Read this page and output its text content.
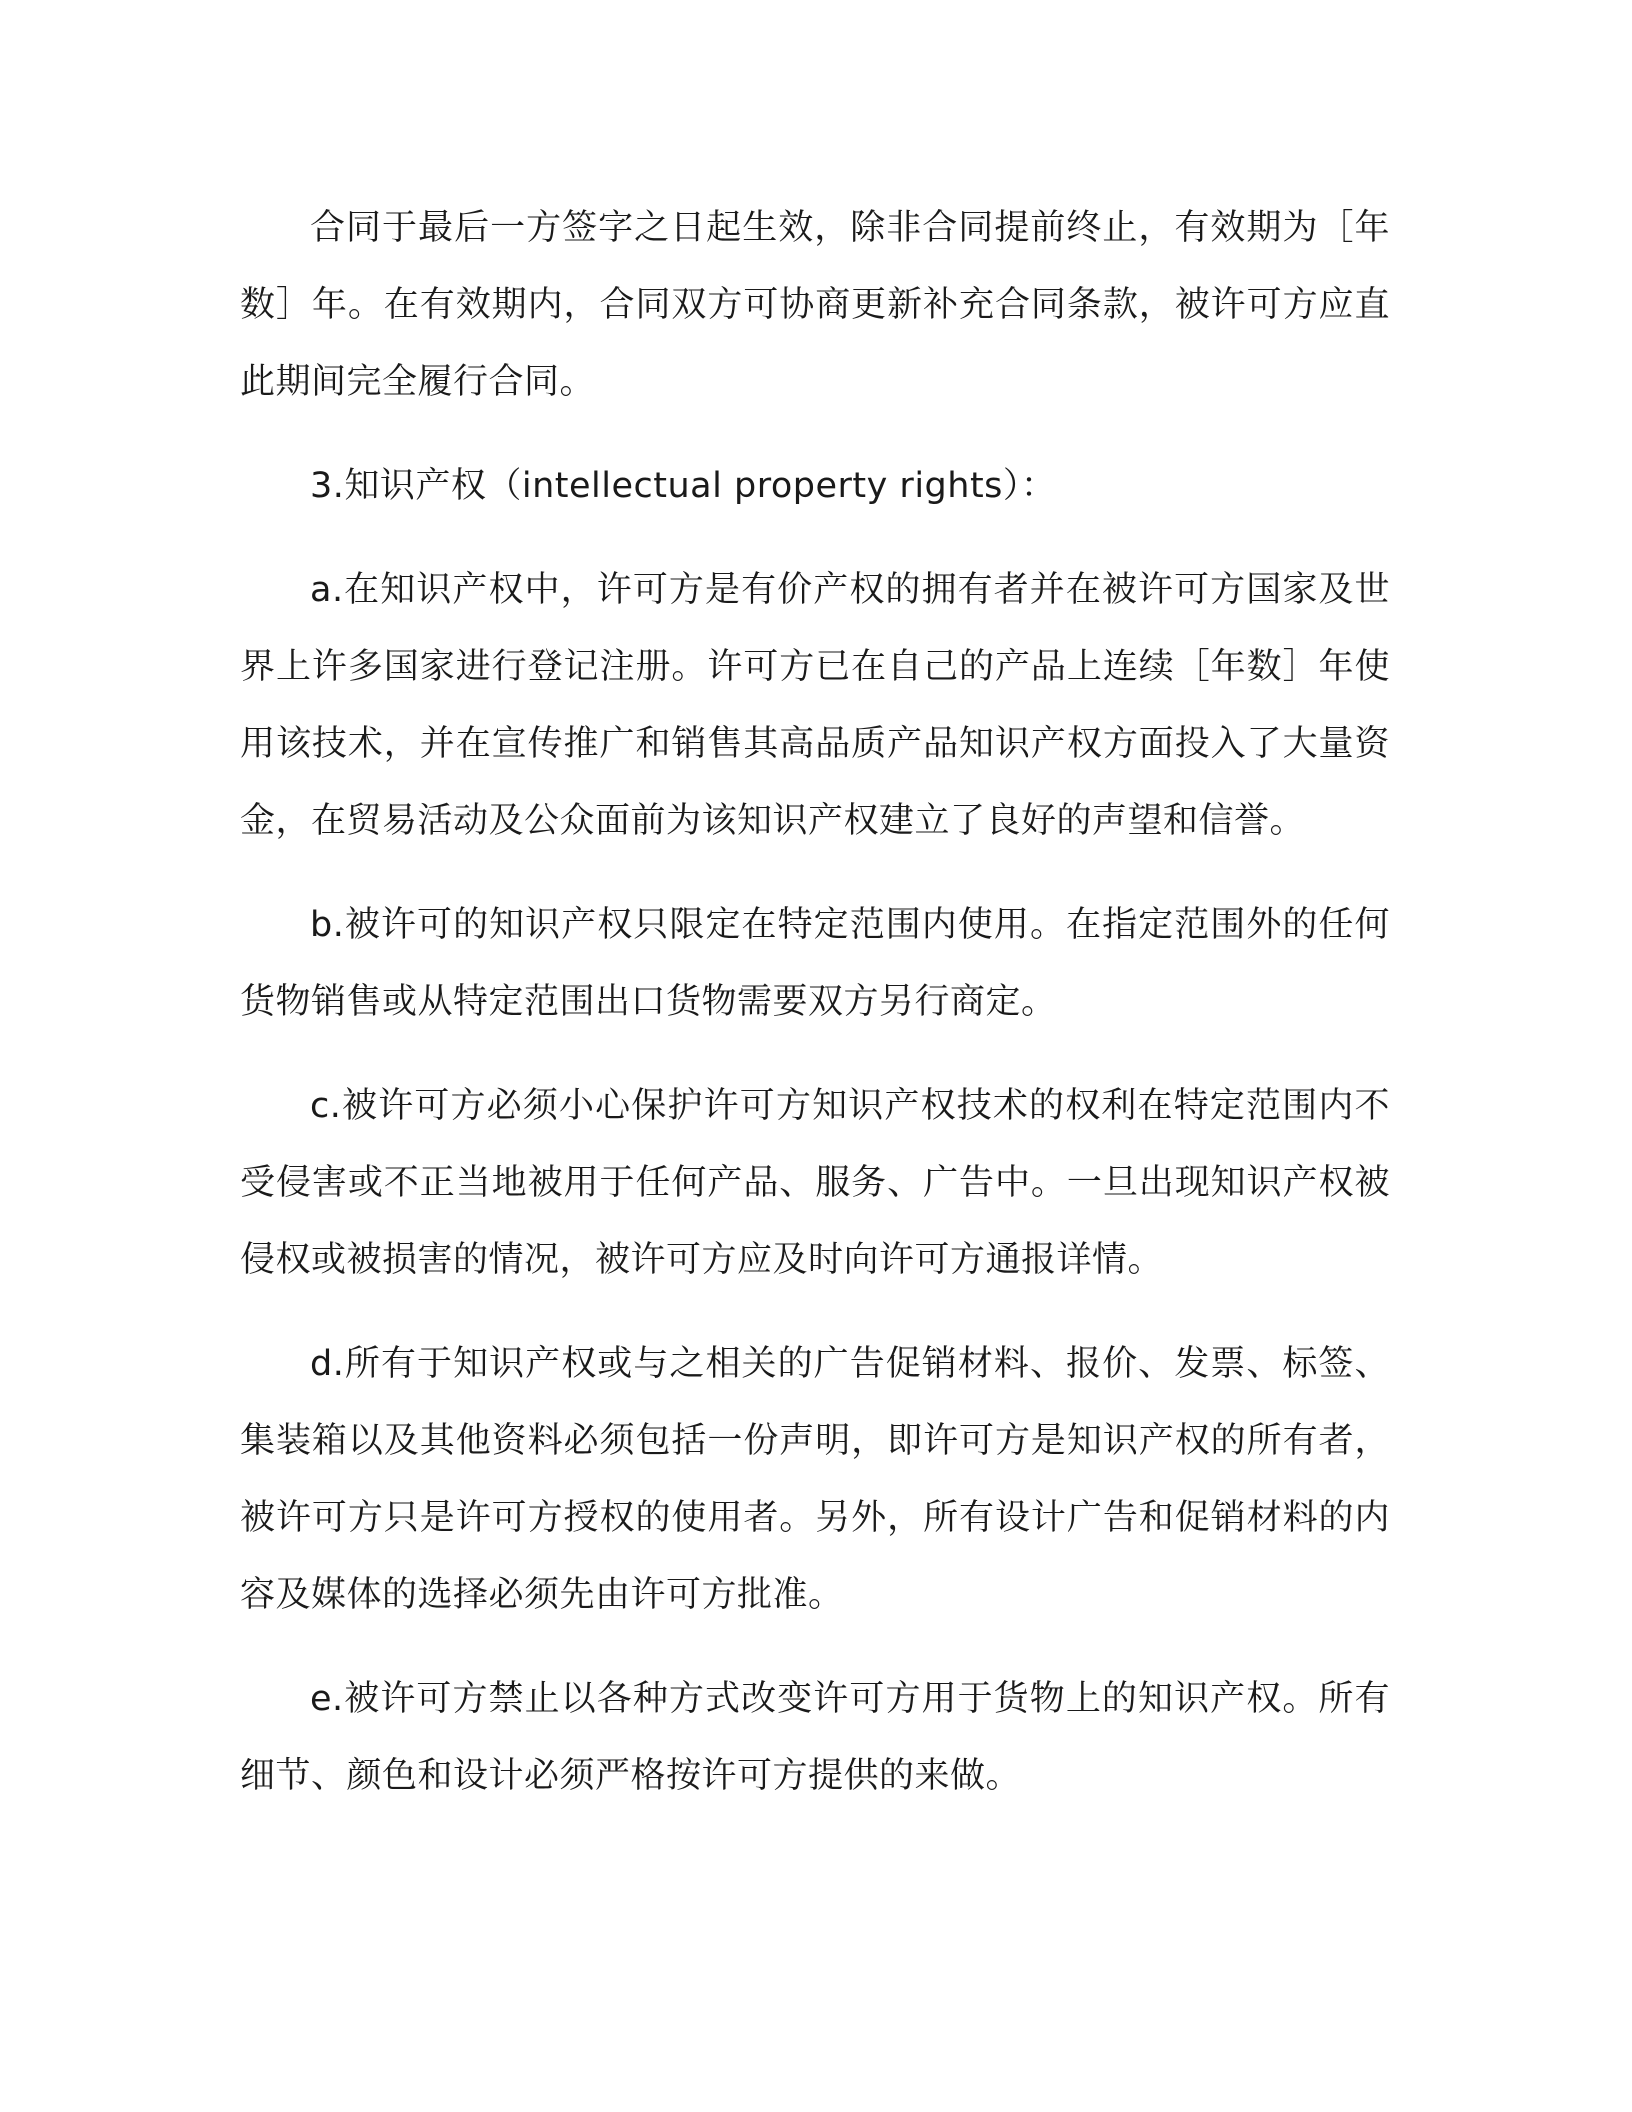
合同于最后一方签字之日起生效，除非合同提前终止，有效期为［年数］年。在有效期内，合同双方可协商更新补充合同条款，被许可方应直此期间完全履行合同。

3.知识产权（intellectual property rights）：

a.在知识产权中，许可方是有价产权的拥有者并在被许可方国家及世界上许多国家进行登记注册。许可方已在自己的产品上连续［年数］年使用该技术，并在宣传推广和销售其高品质产品知识产权方面投入了大量资金，在贸易活动及公众面前为该知识产权建立了良好的声望和信誉。

b.被许可的知识产权只限定在特定范围内使用。在指定范围外的任何货物销售或从特定范围出口货物需要双方另行商定。

c.被许可方必须小心保护许可方知识产权技术的权利在特定范围内不受侵害或不正当地被用于任何产品、服务、广告中。一旦出现知识产权被侵权或被损害的情况，被许可方应及时向许可方通报详情。

d.所有于知识产权或与之相关的广告促销材料、报价、发票、标签、集装箱以及其他资料必须包括一份声明，即许可方是知识产权的所有者，被许可方只是许可方授权的使用者。另外，所有设计广告和促销材料的内容及媒体的选择必须先由许可方批准。

e.被许可方禁止以各种方式改变许可方用于货物上的知识产权。所有细节、颜色和设计必须严格按许可方提供的来做。
